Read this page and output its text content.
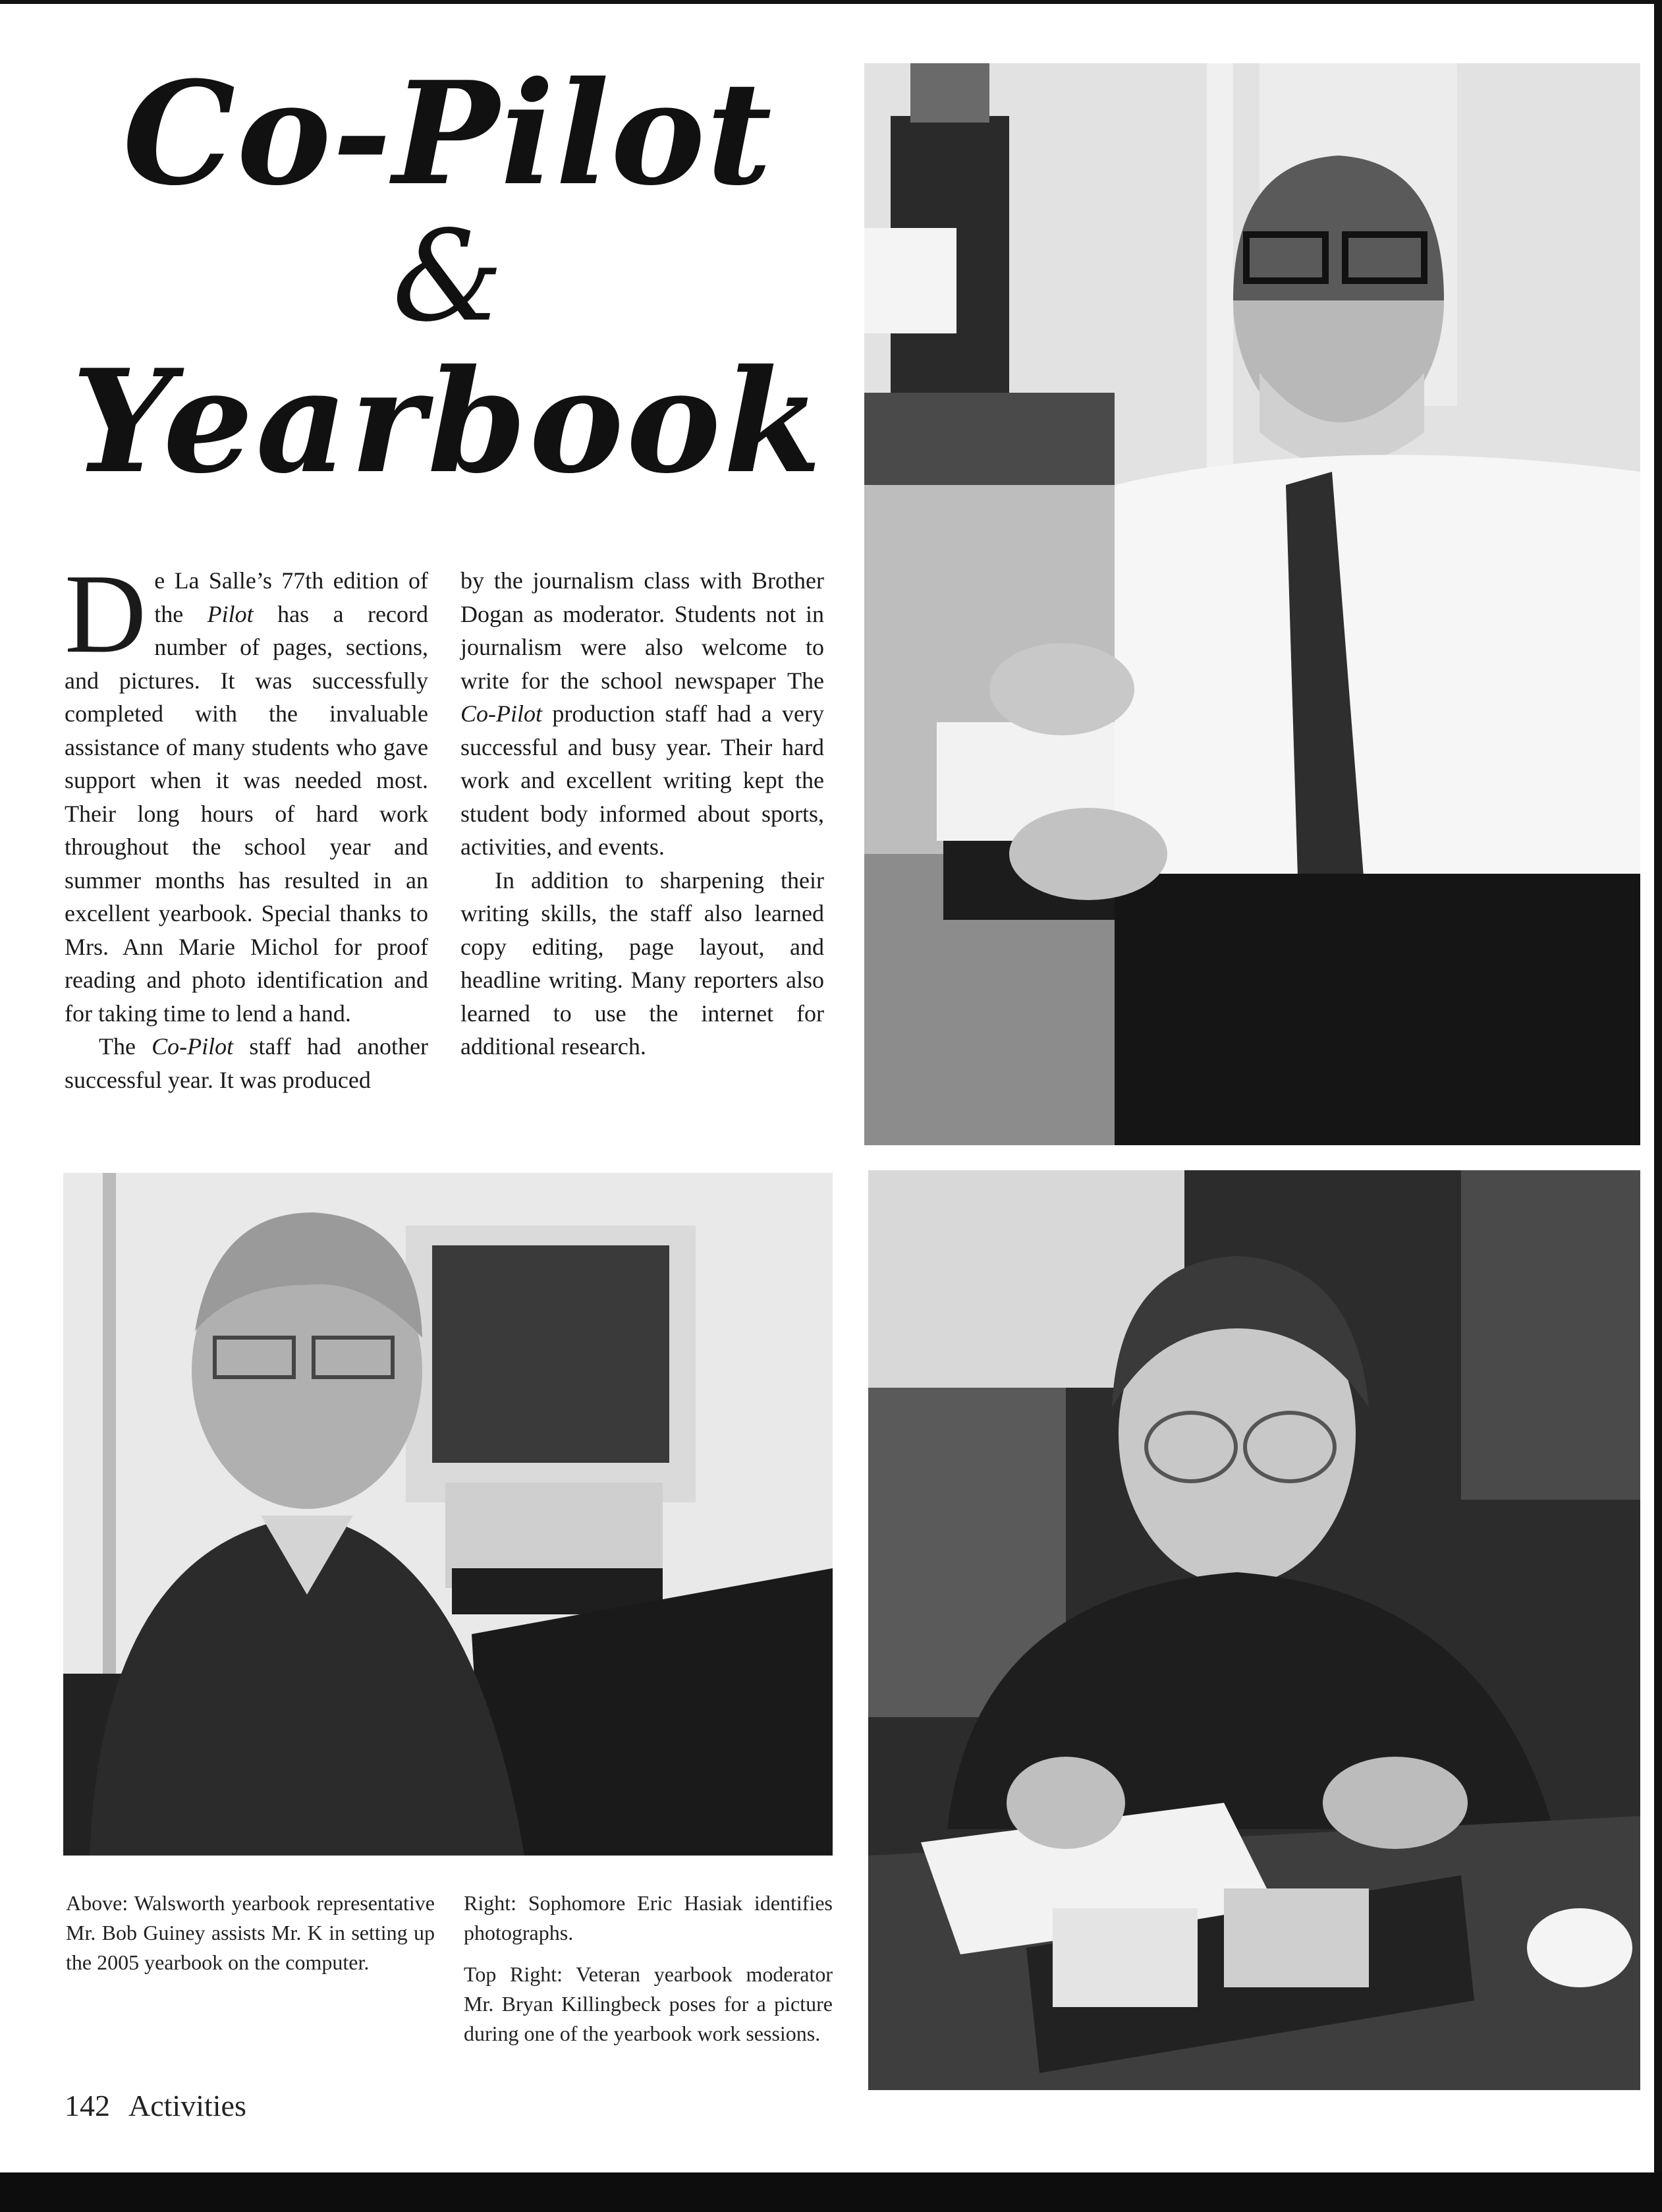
Co-Pilot
&
Yearbook

De La Salle’s 77th edition of the Pilot has a record number of pages, sections, and pictures. It was successfully completed with the invaluable assistance of many students who gave support when it was needed most. Their long hours of hard work throughout the school year and summer months has resulted in an excellent yearbook. Special thanks to Mrs. Ann Marie Michol for proof reading and photo identification and for taking time to lend a hand.

The Co-Pilot staff had another successful year. It was produced

by the journalism class with Brother Dogan as moderator. Students not in journalism were also welcome to write for the school newspaper The Co-Pilot production staff had a very successful and busy year. Their hard work and excellent writing kept the student body informed about sports, activities, and events.

In addition to sharpening their writing skills, the staff also learned copy editing, page layout, and headline writing. Many reporters also learned to use the internet for additional research.

Above: Walsworth yearbook representative Mr. Bob Guiney assists Mr. K in setting up the 2005 yearbook on the computer.

Right: Sophomore Eric Hasiak identifies photographs.

Top Right: Veteran yearbook moderator Mr. Bryan Killingbeck poses for a picture during one of the yearbook work sessions.

142 Activities
